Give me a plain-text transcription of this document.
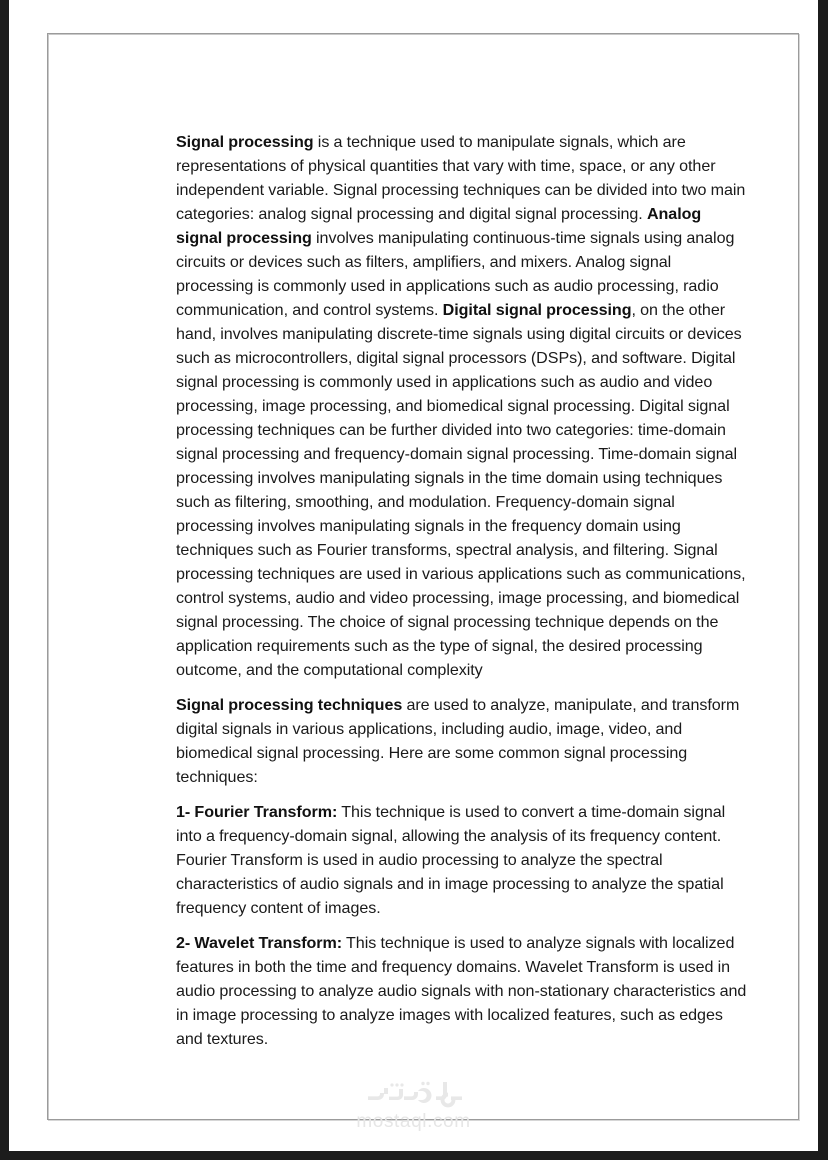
Signal processing is a technique used to manipulate signals, which are representations of physical quantities that vary with time, space, or any other independent variable. Signal processing techniques can be divided into two main categories: analog signal processing and digital signal processing. Analog signal processing involves manipulating continuous-time signals using analog circuits or devices such as filters, amplifiers, and mixers. Analog signal processing is commonly used in applications such as audio processing, radio communication, and control systems. Digital signal processing, on the other hand, involves manipulating discrete-time signals using digital circuits or devices such as microcontrollers, digital signal processors (DSPs), and software. Digital signal processing is commonly used in applications such as audio and video processing, image processing, and biomedical signal processing. Digital signal processing techniques can be further divided into two categories: time-domain signal processing and frequency-domain signal processing. Time-domain signal processing involves manipulating signals in the time domain using techniques such as filtering, smoothing, and modulation. Frequency-domain signal processing involves manipulating signals in the frequency domain using techniques such as Fourier transforms, spectral analysis, and filtering. Signal processing techniques are used in various applications such as communications, control systems, audio and video processing, image processing, and biomedical signal processing. The choice of signal processing technique depends on the application requirements such as the type of signal, the desired processing outcome, and the computational complexity

Signal processing techniques are used to analyze, manipulate, and transform digital signals in various applications, including audio, image, video, and biomedical signal processing. Here are some common signal processing techniques:

1- Fourier Transform: This technique is used to convert a time-domain signal into a frequency-domain signal, allowing the analysis of its frequency content. Fourier Transform is used in audio processing to analyze the spectral characteristics of audio signals and in image processing to analyze the spatial frequency content of images.

2- Wavelet Transform: This technique is used to analyze signals with localized features in both the time and frequency domains. Wavelet Transform is used in audio processing to analyze audio signals with non-stationary characteristics and in image processing to analyze images with localized features, such as edges and textures.

mostaql.com
